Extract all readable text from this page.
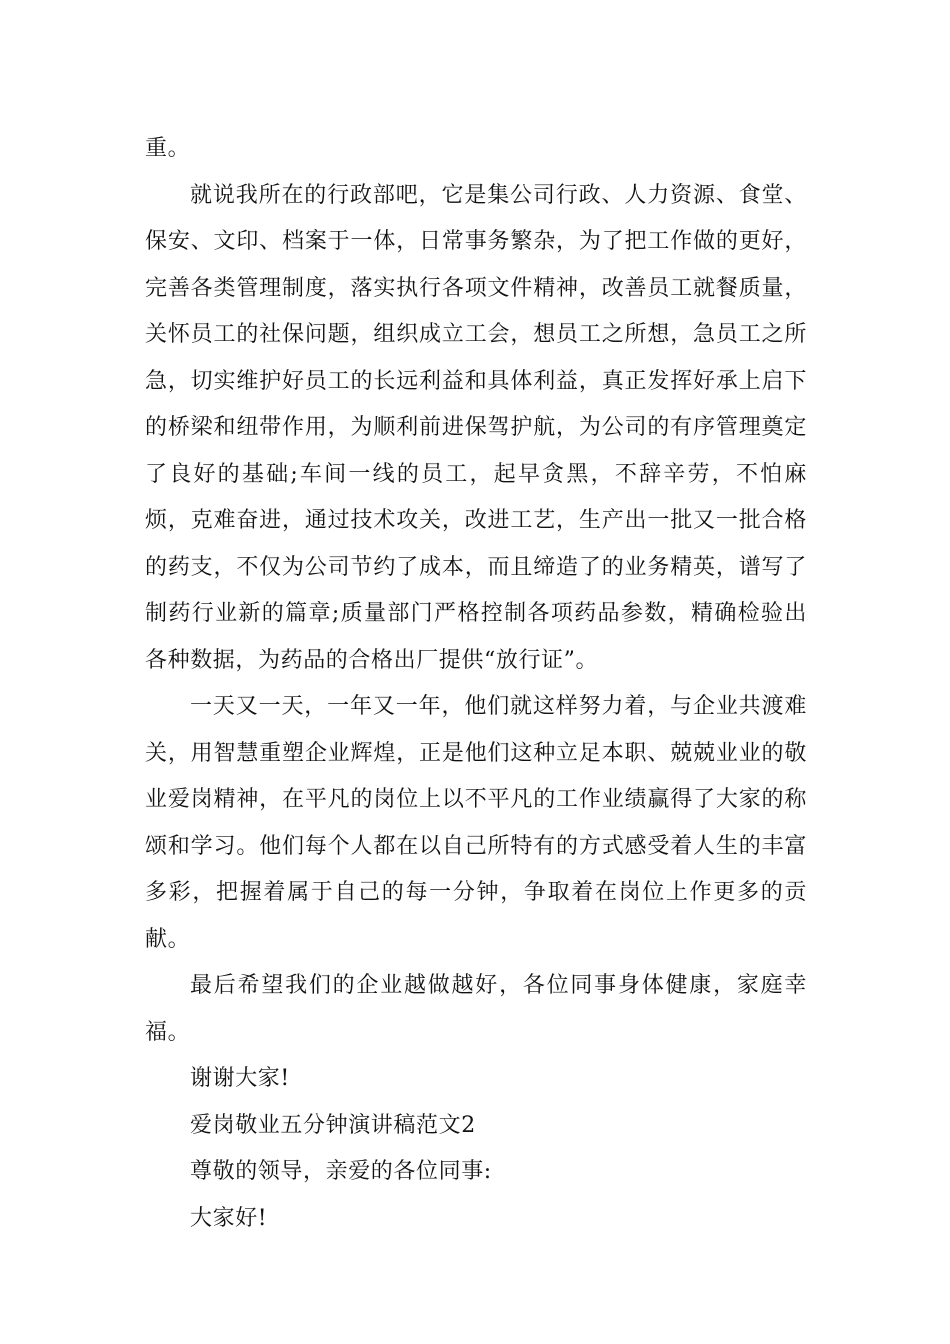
重。

就说我所在的行政部吧，它是集公司行政、人力资源、食堂、保安、文印、档案于一体，日常事务繁杂，为了把工作做的更好，完善各类管理制度，落实执行各项文件精神，改善员工就餐质量，关怀员工的社保问题，组织成立工会，想员工之所想，急员工之所急，切实维护好员工的长远利益和具体利益，真正发挥好承上启下的桥梁和纽带作用，为顺利前进保驾护航，为公司的有序管理奠定了良好的基础;车间一线的员工，起早贪黑，不辞辛劳，不怕麻烦，克难奋进，通过技术攻关，改进工艺，生产出一批又一批合格的药支，不仅为公司节约了成本，而且缔造了的业务精英，谱写了制药行业新的篇章;质量部门严格控制各项药品参数，精确检验出各种数据，为药品的合格出厂提供“放行证”。

一天又一天，一年又一年，他们就这样努力着，与企业共渡难关，用智慧重塑企业辉煌，正是他们这种立足本职、兢兢业业的敬业爱岗精神，在平凡的岗位上以不平凡的工作业绩赢得了大家的称颂和学习。他们每个人都在以自己所特有的方式感受着人生的丰富多彩，把握着属于自己的每一分钟，争取着在岗位上作更多的贡献。

最后希望我们的企业越做越好，各位同事身体健康，家庭幸福。

谢谢大家!

爱岗敬业五分钟演讲稿范文2

尊敬的领导，亲爱的各位同事:

大家好!
